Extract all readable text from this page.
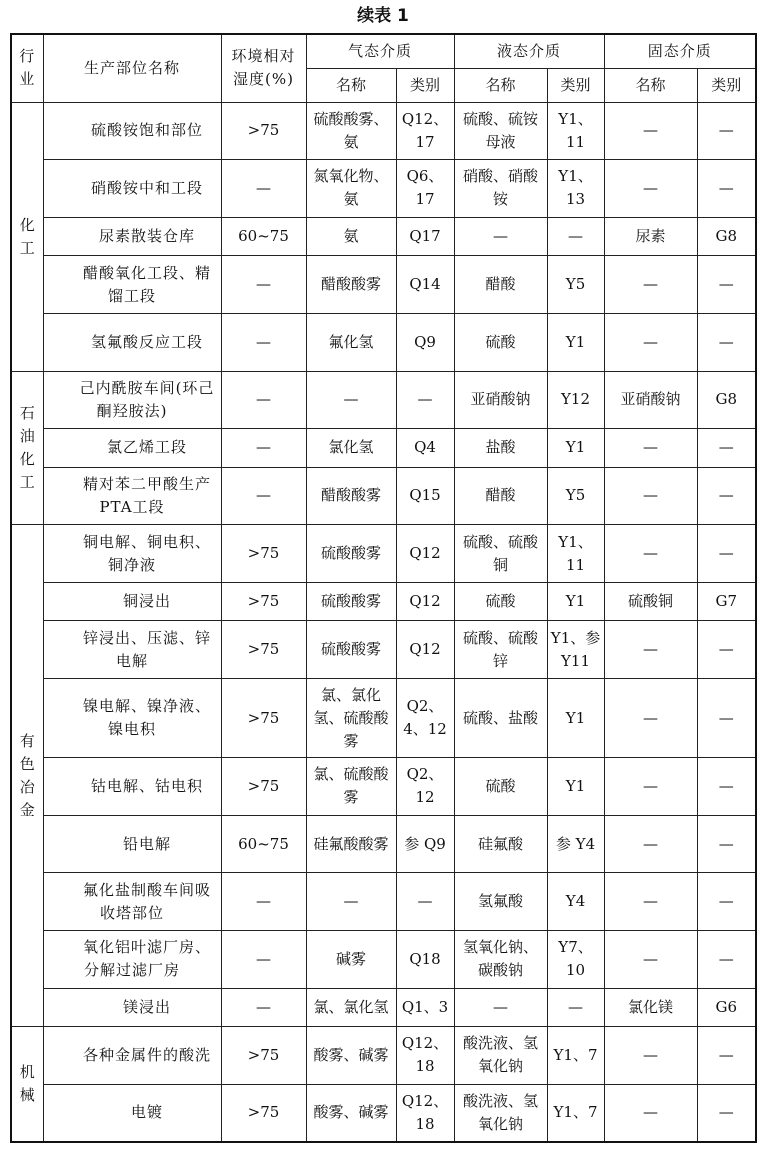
续表 1
行业	生产部位名称	环境相对湿度(%)	气态介质		液态介质		固态介质	
			名称	类别	名称	类别	名称	类别

化
工	硫酸铵饱和部位	>75	硫酸酸雾、氨	Q12、17	硫酸、硫铵母液	Y1、11	—	—
	硝酸铵中和工段	—	氮氧化物、氨	Q6、17	硝酸、硝酸铵	Y1、13	—	—
	尿素散装仓库	60~75	氨	Q17	—	—	尿素	G8
	醋酸氧化工段、精馏工段	—	醋酸酸雾	Q14	醋酸	Y5	—	—
	氢氟酸反应工段	—	氟化氢	Q9	硫酸	Y1	—	—

石
油
化
工	己内酰胺车间(环己酮羟胺法)	—	—	—	亚硝酸钠	Y12	亚硝酸钠	G8
	氯乙烯工段	—	氯化氢	Q4	盐酸	Y1	—	—
	精对苯二甲酸生产PTA工段	—	醋酸酸雾	Q15	醋酸	Y5	—	—

有
色
冶
金	铜电解、铜电积、铜净液	>75	硫酸酸雾	Q12	硫酸、硫酸铜	Y1、11	—	—
	铜浸出	>75	硫酸酸雾	Q12	硫酸	Y1	硫酸铜	G7
	锌浸出、压滤、锌电解	>75	硫酸酸雾	Q12	硫酸、硫酸锌	Y1、参Y11	—	—
	镍电解、镍净液、镍电积	>75	氯、氯化氢、硫酸酸雾	Q2、4、12	硫酸、盐酸	Y1	—	—
	钴电解、钴电积	>75	氯、硫酸酸雾	Q2、12	硫酸	Y1	—	—
	铅电解	60~75	硅氟酸酸雾	参 Q9	硅氟酸	参 Y4	—	—
	氟化盐制酸车间吸收塔部位	—	—	—	氢氟酸	Y4	—	—
	氧化铝叶滤厂房、分解过滤厂房	—	碱雾	Q18	氢氧化钠、碳酸钠	Y7、10	—	—
	镁浸出	—	氯、氯化氢	Q1、3	—	—	氯化镁	G6

机
械	各种金属件的酸洗	>75	酸雾、碱雾	Q12、18	酸洗液、氢氧化钠	Y1、7	—	—
	电镀	>75	酸雾、碱雾	Q12、18	酸洗液、氢氧化钠	Y1、7	—	—
